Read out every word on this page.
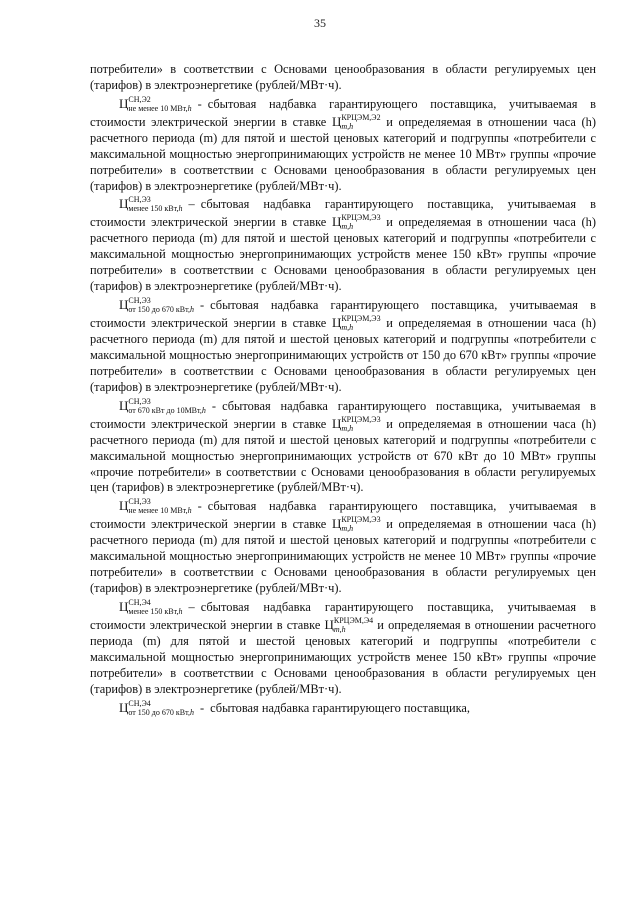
35

потребители» в соответствии с Основами ценообразования в области регулируемых цен (тарифов) в электроэнергетике (рублей/МВт·ч).

Ц СН,Э2
не менее 10 МВт,h - сбытовая надбавка гарантирующего поставщика, учитываемая в стоимости электрической энергии в ставке Ц КРЦЭМ,Э2
m,h	и определяемая в отношении часа (h) расчетного периода (m) для пятой и шестой ценовых категорий и подгруппы «потребители с максимальной мощностью энергопринимающих устройств не менее 10 МВт» группы «прочие потребители» в соответствии с Основами ценообразования в области регулируемых цен (тарифов) в электроэнергетике (рублей/МВт·ч).

Ц СН,Э3
менее 150 кВт,h – сбытовая надбавка гарантирующего поставщика, учитываемая в стоимости электрической энергии в ставке Ц КРЦЭМ,Э3
m,h	и определяемая в отношении часа (h) расчетного периода (m) для пятой и шестой ценовых категорий и подгруппы «потребители с максимальной мощностью энергопринимающих устройств менее 150 кВт» группы «прочие потребители» в соответствии с Основами ценообразования в области регулируемых цен (тарифов) в электроэнергетике (рублей/МВт·ч).

Ц СН,Э3
от 150 до 670 кВт,h - сбытовая надбавка гарантирующего поставщика, учитываемая в стоимости электрической энергии в ставке Ц КРЦЭМ,Э3
m,h	и определяемая в отношении часа (h) расчетного периода (m) для пятой и шестой ценовых категорий и подгруппы «потребители с максимальной мощностью энергопринимающих устройств от 150 до 670 кВт» группы «прочие потребители» в соответствии с Основами ценообразования в области регулируемых цен (тарифов) в электроэнергетике (рублей/МВт·ч).

Ц СН,Э3
от 670 кВт до 10МВт,h - сбытовая надбавка гарантирующего поставщика, учитываемая в стоимости электрической энергии в ставке Ц КРЦЭМ,Э3
m,h	и определяемая в отношении часа (h) расчетного периода (m) для пятой и шестой ценовых категорий и подгруппы «потребители с максимальной мощностью энергопринимающих устройств от 670 кВт до 10 МВт» группы «прочие потребители» в соответствии с Основами ценообразования в области регулируемых цен (тарифов) в электроэнергетике (рублей/МВт·ч).

Ц СН,Э3
не менее 10 МВт,h - сбытовая надбавка гарантирующего поставщика, учитываемая в стоимости электрической энергии в ставке Ц КРЦЭМ,Э3
m,h	и определяемая в отношении часа (h) расчетного периода (m) для пятой и шестой ценовых категорий и подгруппы «потребители с максимальной мощностью энергопринимающих устройств не менее 10 МВт» группы «прочие потребители» в соответствии с Основами ценообразования в области регулируемых цен (тарифов) в электроэнергетике (рублей/МВт·ч).

Ц СН,Э4
менее 150 кВт,h – сбытовая надбавка гарантирующего поставщика, учитываемая в стоимости электрической энергии в ставке Ц КРЦЭМ,Э4
m,h	и определяемая в отношении расчетного периода (m) для пятой и шестой ценовых категорий и подгруппы «потребители с максимальной мощностью энергопринимающих устройств менее 150 кВт» группы «прочие потребители» в соответствии с Основами ценообразования в области регулируемых цен (тарифов) в электроэнергетике (рублей/МВт·ч).

Ц СН,Э4
от 150 до 670 кВт,h - сбытовая надбавка гарантирующего поставщика,
